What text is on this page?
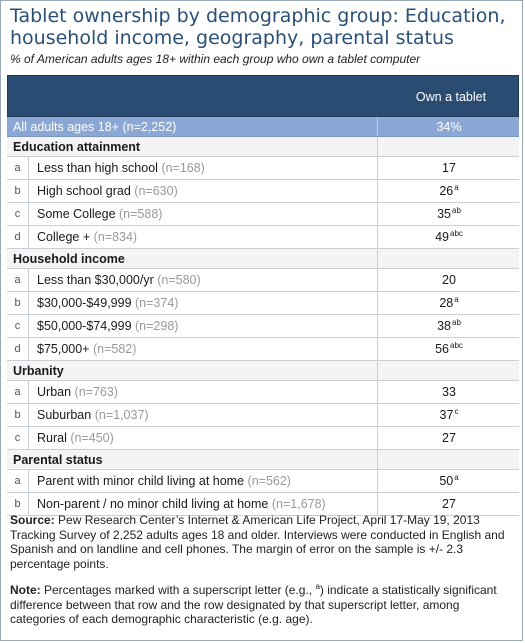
Tablet ownership by demographic group: Education, household income, geography, parental status
% of American adults ages 18+ within each group who own a tablet computer
Own a tablet
All adults ages 18+ (n=2,252)	34%
Education attainment
a	Less than high school (n=168)	17
b	High school grad (n=630)	26$^a$
c	Some College (n=588)	$35^{ab}$
d	College + (n=834)	$49^{abc}$
Household income
a	Less than $30,000/yr (n=580)	20
b	$30,000-$49,999 (n=374)	28$^a$
c	$50,000-$74,999 (n=298)	$38^{ab}$
d	$75,000+ (n=582)	$56^{abc}$
Urbanity
a	Urban (n=763)	33
b	Suburban (n=1,037)	37$^c$
c	Rural (n=450)	27
Parental status
a	Parent with minor child living at home (n=562)	50$^a$
b	Non-parent / no minor child living at home (n=1,678)	27
Source: Pew Research Center’s Internet & American Life Project, April 17-May 19, 2013 Tracking Survey of 2,252 adults ages 18 and older. Interviews were conducted in English and Spanish and on landline and cell phones. The margin of error on the sample is +/- 2.3 percentage points.
Note: Percentages marked with a superscript letter (e.g., $^a$) indicate a statistically significant difference between that row and the row designated by that superscript letter, among categories of each demographic characteristic (e.g. age).
